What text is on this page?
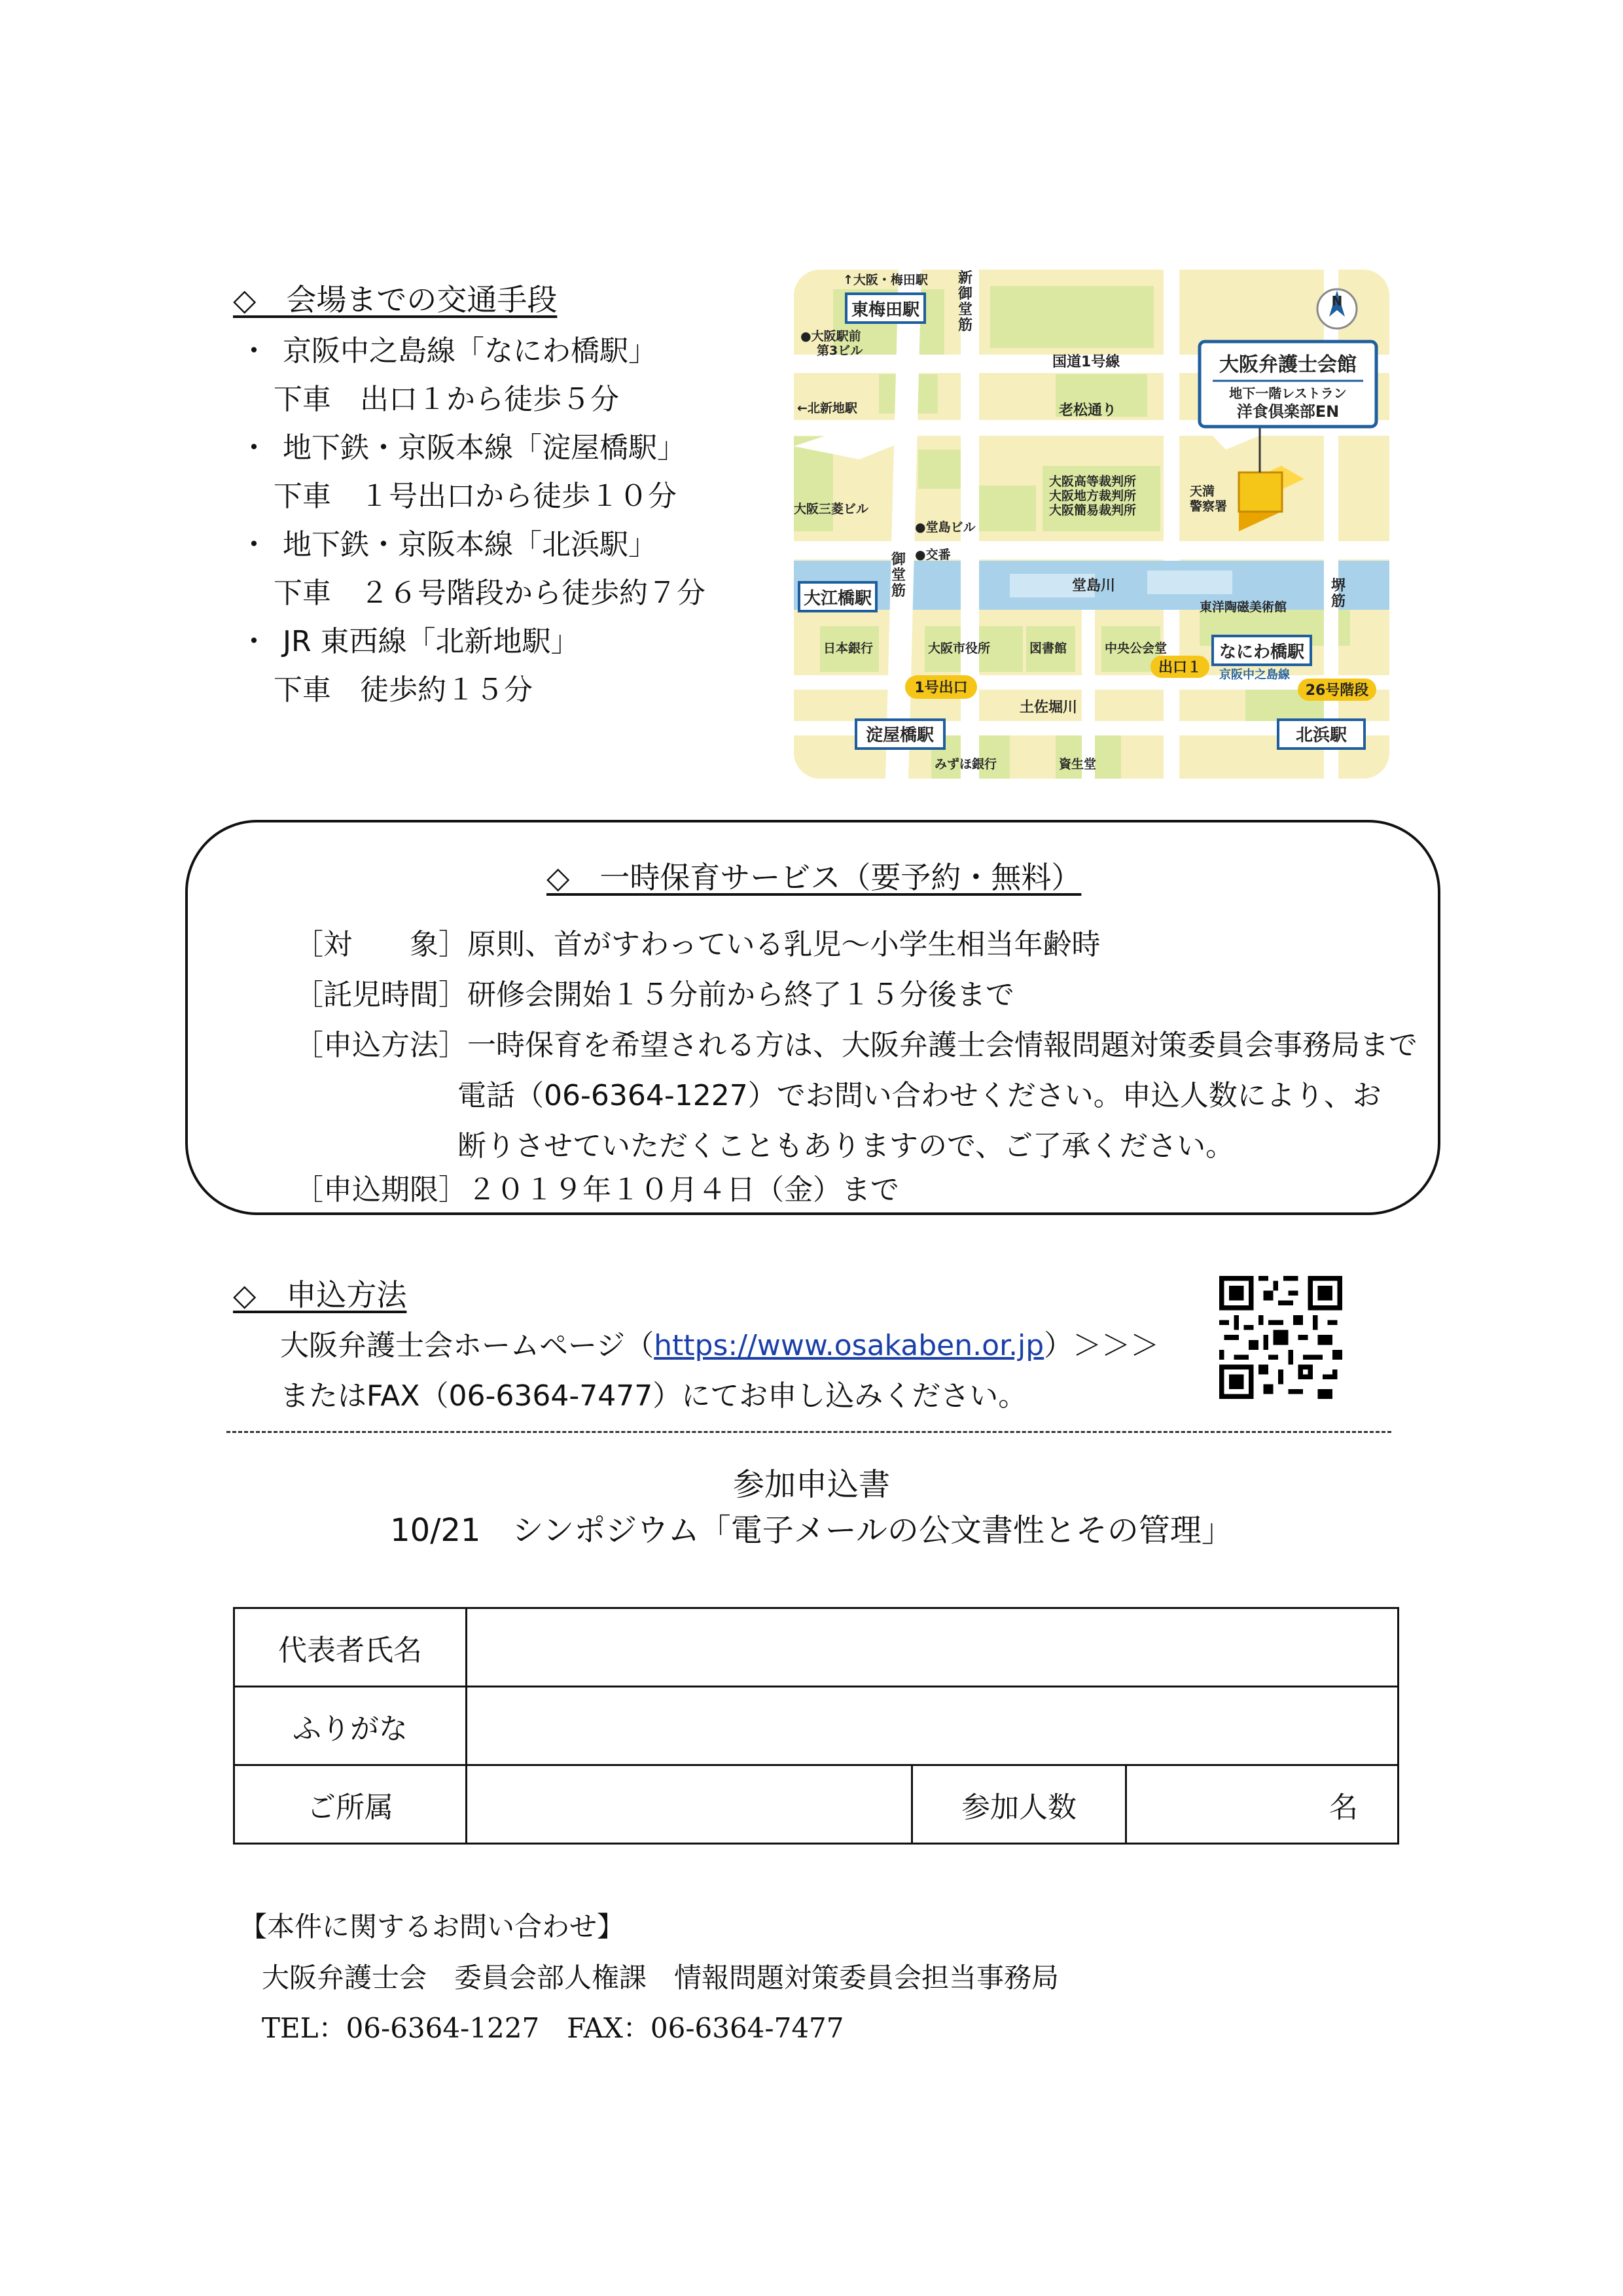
◇　会場までの交通手段
・ 京阪中之島線「なにわ橋駅」
下車　出口１から徒歩５分
・ 地下鉄・京阪本線「淀屋橋駅」
下車　１号出口から徒歩１０分
・ 地下鉄・京阪本線「北浜駅」
下車　２６号階段から徒歩約７分
・ JR 東西線「北新地駅」
下車　徒歩約１５分
大阪弁護士会館
地下一階レストラン
洋食倶楽部EN
N
東梅田駅
大江橋駅
なにわ橋駅
淀屋橋駅	北浜駅
1号出口
出口１
26号階段
↑大阪・梅田駅
●大阪駅前
第3ビル
国道1号線
←北新地駅	老松通り
大阪高等裁判所
大阪地方裁判所
大阪簡易裁判所
天満
警察署
大阪三菱ビル
●堂島ビル
●交番
堂島川
東洋陶磁美術館
日本銀行	大阪市役所	図書館	中央公会堂
京阪中之島線
土佐堀川
みずほ銀行	資生堂
新
御
堂
筋
御
堂
筋	堺
筋
◇　一時保育サービス（要予約・無料）
［対　　象］原則、首がすわっている乳児～小学生相当年齢時
［託児時間］研修会開始１５分前から終了１５分後まで
［申込方法］一時保育を希望される方は、大阪弁護士会情報問題対策委員会事務局まで
電話（06-6364-1227）でお問い合わせください。申込人数により、お
断りさせていただくこともありますので、ご了承ください。
［申込期限］２０１９年１０月４日（金）まで
◇　申込方法
大阪弁護士会ホームページ（https://www.osakaben.or.jp）＞＞＞
またはFAX（06-6364-7477）にてお申し込みください。
参加申込書
10/21　シンポジウム「電子メールの公文書性とその管理」
代表者氏名			
ふりがな			
ご所属		参加人数	名
【本件に関するお問い合わせ】
大阪弁護士会　委員会部人権課　情報問題対策委員会担当事務局
TEL：06-6364-1227　FAX：06-6364-7477
